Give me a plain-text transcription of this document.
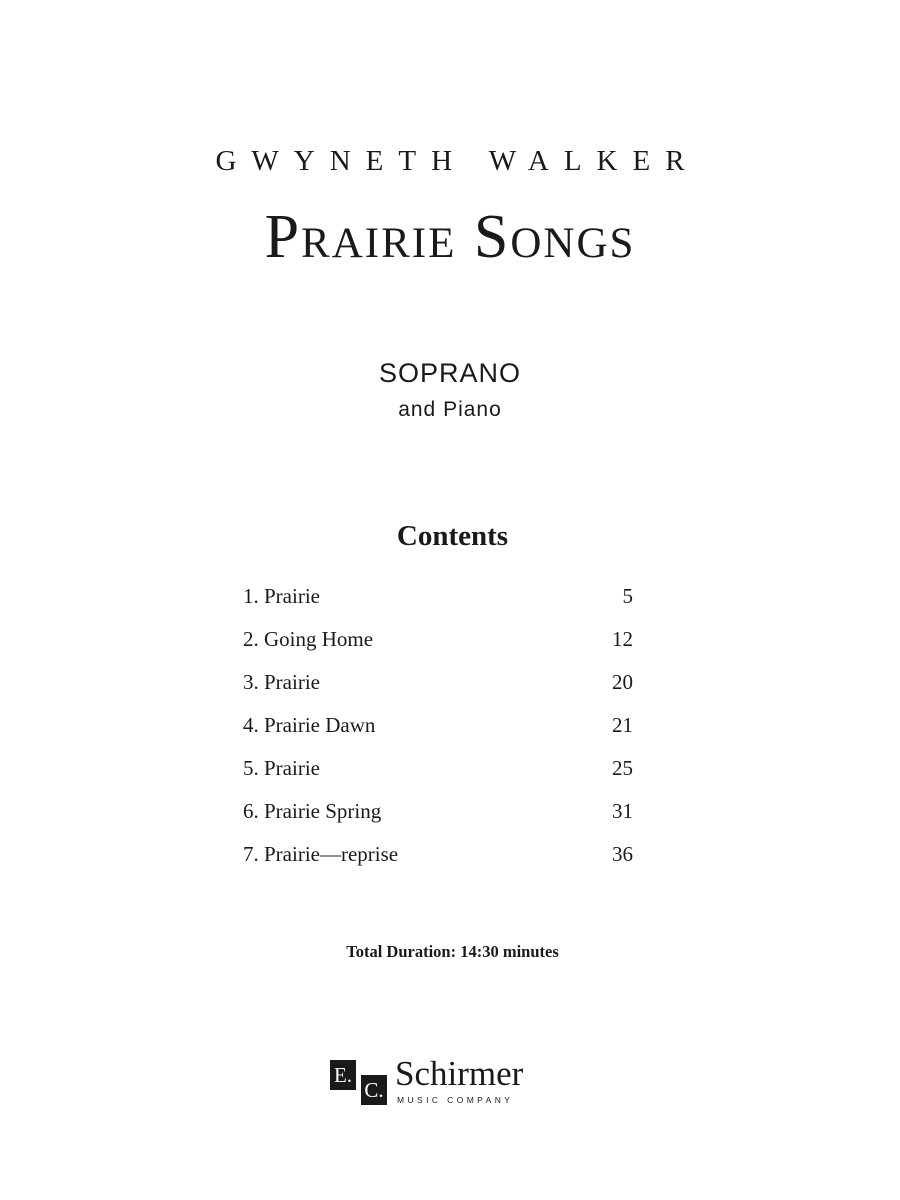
GWYNETH WALKER
Prairie Songs
SOPRANO
and Piano
Contents
1. Prairie	5
2. Going Home	12
3. Prairie	20
4. Prairie Dawn	21
5. Prairie	25
6. Prairie Spring	31
7. Prairie—reprise	36
Total Duration: 14:30 minutes
E.
C. Schirmer
MUSIC COMPANY
